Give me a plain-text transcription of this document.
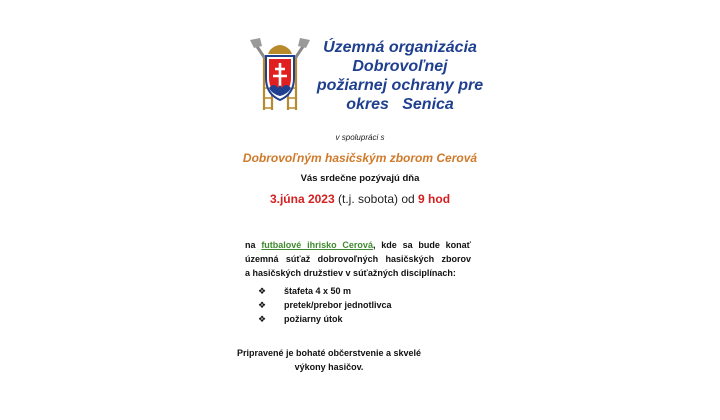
Územná organizácia
Dobrovoľnej
požiarnej ochrany pre
okres   Senica
v spolupráci s
Dobrovoľným hasičským zborom Cerová
Vás srdečne pozývajú dňa
3.júna 2023 (t.j. sobota) od 9 hod
na futbalové ihrisko Cerová, kde sa bude konať
územná súťaž dobrovoľných hasičských zborov
a hasičských družstiev v súťažných disciplínach:
❖	štafeta 4 x 50 m
❖	pretek/prebor jednotlivca
❖	požiarny útok
Pripravené je bohaté občerstvenie a skvelé
výkony hasičov.
